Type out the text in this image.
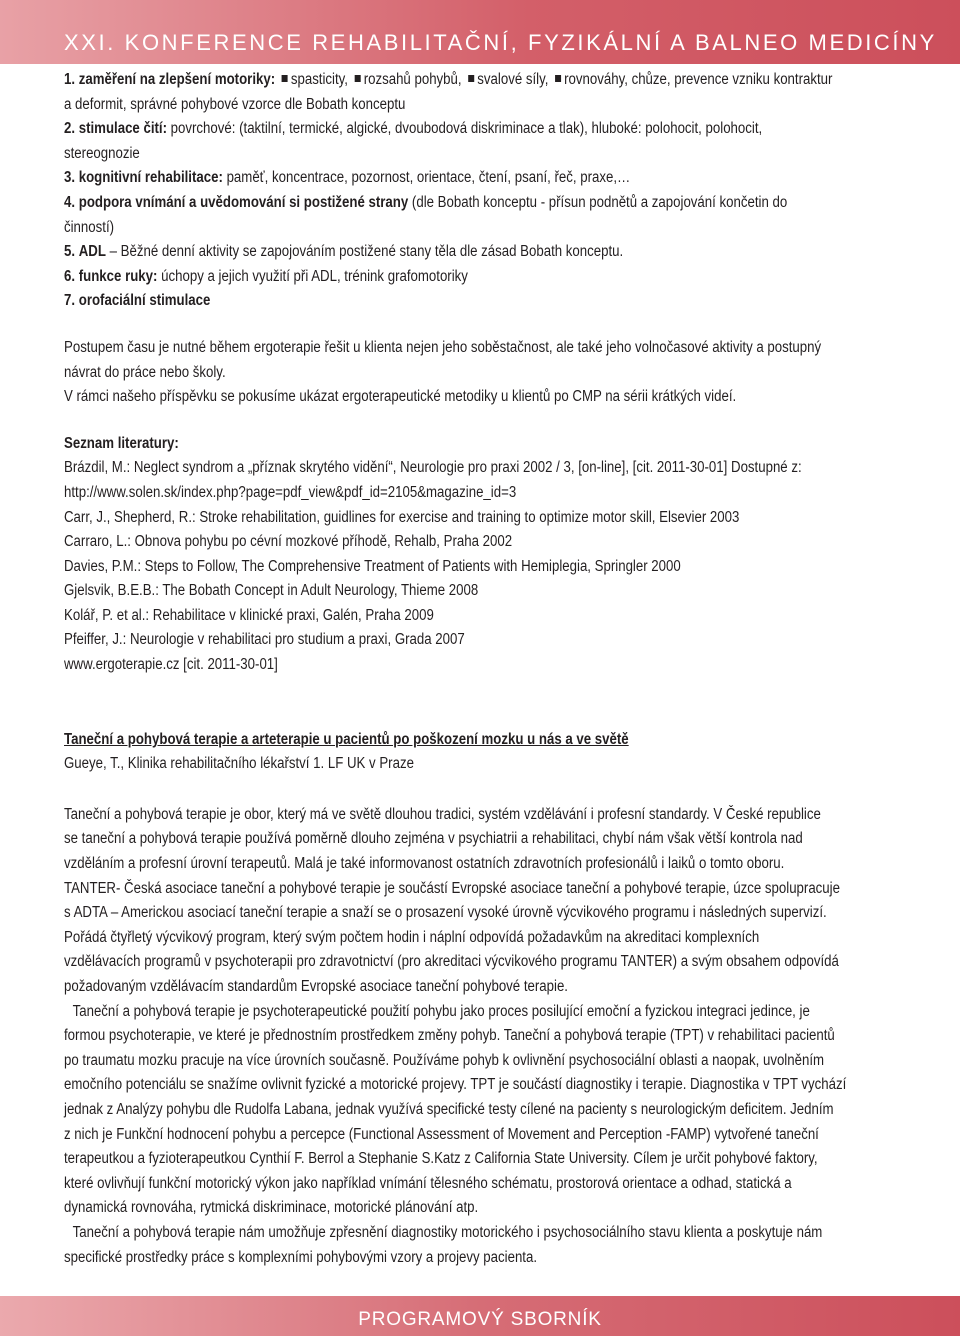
XXI. KONFERENCE REHABILITAČNÍ, FYZIKÁLNÍ A BALNEO MEDICÍNY

1. zaměření na zlepšení motoriky: spasticity, rozsahů pohybů, svalové síly, rovnováhy, chůze, prevence vzniku kontraktur
a deformit, správné pohybové vzorce dle Bobath konceptu

2. stimulace čití: povrchové: (taktilní, termické, algické, dvoubodová diskriminace a tlak), hluboké: polohocit, polohocit,
stereognozie

3. kognitivní rehabilitace: paměť, koncentrace, pozornost, orientace, čtení, psaní, řeč, praxe,…

4. podpora vnímání a uvědomování si postižené strany (dle Bobath konceptu - přísun podnětů a zapojování končetin do
činností)

5. ADL – Běžné denní aktivity se zapojováním postižené stany těla dle zásad Bobath konceptu.

6. funkce ruky: úchopy a jejich využití při ADL, trénink grafomotoriky

7. orofaciální stimulace

Postupem času je nutné během ergoterapie řešit u klienta nejen jeho soběstačnost, ale také jeho volnočasové aktivity a postupný

návrat do práce nebo školy.

V rámci našeho příspěvku se pokusíme ukázat ergoterapeutické metodiky u klientů po CMP na sérii krátkých videí.

Seznam literatury:

Brázdil, M.: Neglect syndrom a „příznak skrytého vidění“, Neurologie pro praxi 2002 / 3, [on-line], [cit. 2011-30-01] Dostupné z:

http://www.solen.sk/index.php?page=pdf_view&pdf_id=2105&magazine_id=3

Carr, J., Shepherd, R.: Stroke rehabilitation, guidlines for exercise and training to optimize motor skill, Elsevier 2003

Carraro, L.: Obnova pohybu po cévní mozkové příhodě, Rehalb, Praha 2002

Davies, P.M.: Steps to Follow, The Comprehensive Treatment of Patients with Hemiplegia, Springler 2000

Gjelsvik, B.E.B.: The Bobath Concept in Adult Neurology, Thieme 2008

Kolář, P. et al.: Rehabilitace v klinické praxi, Galén, Praha 2009

Pfeiffer, J.: Neurologie v rehabilitaci pro studium a praxi, Grada 2007

www.ergoterapie.cz [cit. 2011-30-01]

Taneční a pohybová terapie a arteterapie u pacientů po poškození mozku u nás a ve světě

Gueye, T., Klinika rehabilitačního lékařství 1. LF UK v Praze

Taneční a pohybová terapie je obor, který má ve světě dlouhou tradici, systém vzdělávání i profesní standardy. V České republice

se taneční a pohybová terapie používá poměrně dlouho zejména v psychiatrii a rehabilitaci, chybí nám však větší kontrola nad

vzděláním a profesní úrovní terapeutů. Malá je také informovanost ostatních zdravotních profesionálů i laiků o tomto oboru.

TANTER- Česká asociace taneční a pohybové terapie je součástí Evropské asociace taneční a pohybové terapie, úzce spolupracuje

s ADTA – Americkou asociací taneční terapie a snaží se o prosazení vysoké úrovně výcvikového programu i následných supervizí.

Pořádá čtyřletý výcvikový program, který svým počtem hodin i náplní odpovídá požadavkům na akreditaci komplexních

vzdělávacích programů v psychoterapii pro zdravotnictví (pro akreditaci výcvikového programu TANTER) a svým obsahem odpovídá

požadovaným vzdělávacím standardům Evropské asociace taneční pohybové terapie.

Taneční a pohybová terapie je psychoterapeutické použití pohybu jako proces posilující emoční a fyzickou integraci jedince, je

formou psychoterapie, ve které je přednostním prostředkem změny pohyb. Taneční a pohybová terapie (TPT) v rehabilitaci pacientů

po traumatu mozku pracuje na více úrovních současně. Používáme pohyb k ovlivnění psychosociální oblasti a naopak, uvolněním

emočního potenciálu se snažíme ovlivnit fyzické a motorické projevy. TPT je součástí diagnostiky i terapie. Diagnostika v TPT vychází

jednak z Analýzy pohybu dle Rudolfa Labana, jednak využívá specifické testy cílené na pacienty s neurologickým deficitem. Jedním

z nich je Funkční hodnocení pohybu a percepce (Functional Assessment of Movement and Perception -FAMP) vytvořené taneční

terapeutkou a fyzioterapeutkou Cynthií F. Berrol a Stephanie S.Katz z California State University. Cílem je určit pohybové faktory,

které ovlivňují funkční motorický výkon jako například vnímání tělesného schématu, prostorová orientace a odhad, statická a

dynamická rovnováha, rytmická diskriminace, motorické plánování atp.

Taneční a pohybová terapie nám umožňuje zpřesnění diagnostiky motorického i psychosociálního stavu klienta a poskytuje nám

specifické prostředky práce s komplexními pohybovými vzory a projevy pacienta.

PROGRAMOVÝ SBORNÍK
